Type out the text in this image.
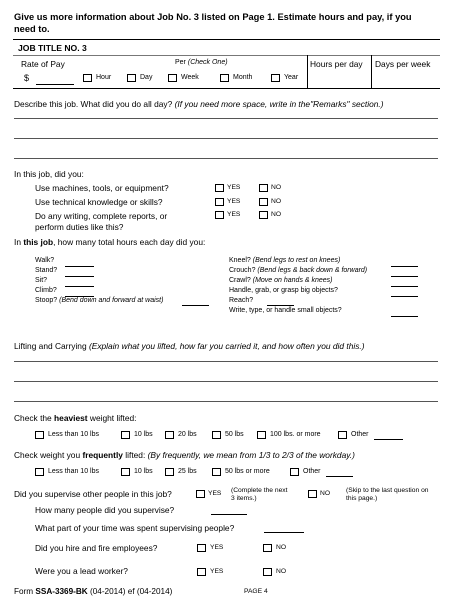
Give us more information about Job No. 3 listed on Page 1. Estimate hours and pay, if you
need to.
JOB TITLE NO. 3
Rate of Pay	Per (Check One)	Hours per day Days per week
$	Hour	Day	Week	Month	Year
Describe this job. What did you do all day? (If you need more space, write in the"Remarks" section.)
In this job, did you:
Use machines, tools, or equipment?	YES	NO
Use technical knowledge or skills?	YES	NO
Do any writing, complete reports, or
perform duties like this?
YES	NO
In this job, how many total hours each day did you:
Walk?
Stand?
Sit?
Climb?
Stoop? (Bend down and forward at waist)
Kneel? (Bend legs to rest on knees)
Crouch? (Bend legs & back down & forward)
Crawl? (Move on hands & knees)
Handle, grab, or grasp big objects?
Reach?
Write, type, or handle small objects?
Lifting and Carrying (Explain what you lifted, how far you carried it, and how often you did this.)
Check the heaviest weight lifted:
Less than 10 lbs	10 lbs	20 lbs	50 lbs	100 lbs. or more	Other
Check weight you frequently lifted: (By frequently, we mean from 1/3 to 2/3 of the workday.)
Less than 10 lbs	10 lbs	25 lbs	50 lbs or more	Other
Did you supervise other people in this job?	YES (Complete the next
3 items.)
NO (Skip to the last question on
this page.)
How many people did you supervise?
What part of your time was spent supervising people?
Did you hire and fire employees?	YES	NO
Were you a lead worker?	YES	NO
Form SSA-3369-BK (04-2014) ef (04-2014)	PAGE 4
